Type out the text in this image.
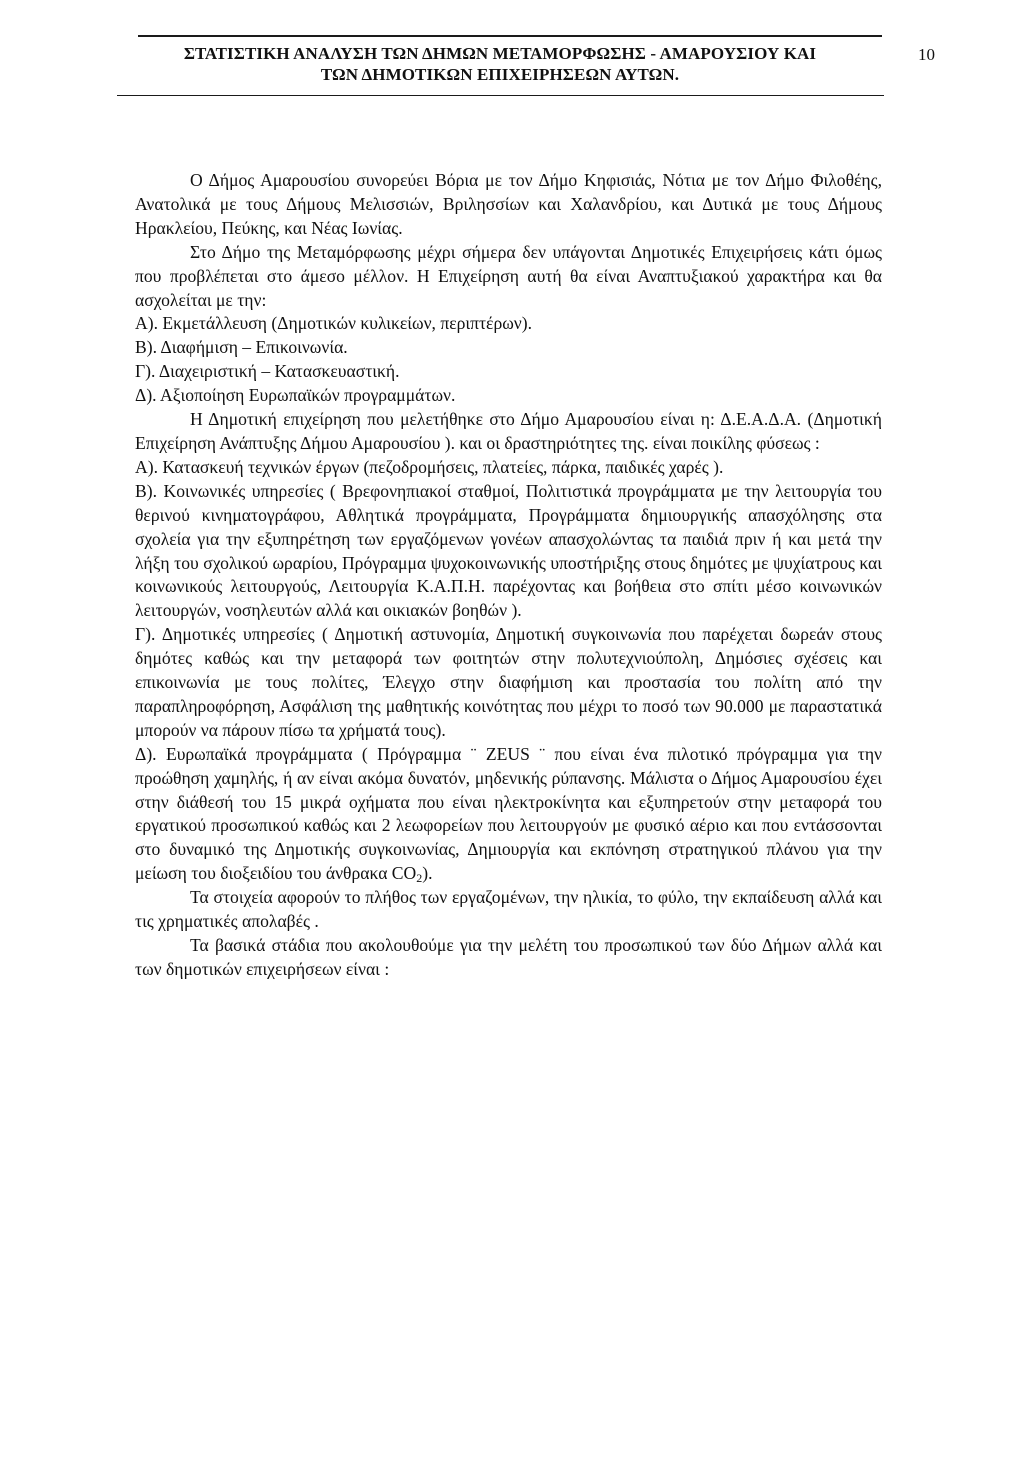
ΣΤΑΤΙΣΤΙΚΗ ΑΝΑΛΥΣΗ ΤΩΝ ΔΗΜΩΝ ΜΕΤΑΜΟΡΦΩΣΗΣ - ΑΜΑΡΟΥΣΙΟΥ ΚΑΙ
ΤΩΝ ΔΗΜΟΤΙΚΩΝ ΕΠΙΧΕΙΡΗΣΕΩΝ ΑΥΤΩΝ.
10

Ο Δήμος Αμαρουσίου συνορεύει Βόρια με τον Δήμο Κηφισιάς, Νότια με τον Δήμο Φιλοθέης, Ανατολικά με τους Δήμους Μελισσιών, Βριλησσίων και Χαλανδρίου, και Δυτικά με τους Δήμους Ηρακλείου, Πεύκης, και Νέας Ιωνίας.

Στο Δήμο της Μεταμόρφωσης μέχρι σήμερα δεν υπάγονται Δημοτικές Επιχειρήσεις κάτι όμως που προβλέπεται στο άμεσο μέλλον. Η Επιχείρηση αυτή θα είναι Αναπτυξιακού χαρακτήρα και θα ασχολείται με την:

Α). Εκμετάλλευση (Δημοτικών κυλικείων, περιπτέρων).

Β). Διαφήμιση – Επικοινωνία.

Γ). Διαχειριστική – Κατασκευαστική.

Δ). Αξιοποίηση Ευρωπαϊκών προγραμμάτων.

Η Δημοτική επιχείρηση που μελετήθηκε στο Δήμο Αμαρουσίου είναι η: Δ.Ε.Α.Δ.Α. (Δημοτική Επιχείρηση Ανάπτυξης Δήμου Αμαρουσίου ). και οι δραστηριότητες της. είναι ποικίλης φύσεως :

Α). Κατασκευή τεχνικών έργων (πεζοδρομήσεις, πλατείες, πάρκα, παιδικές χαρές ).

Β). Κοινωνικές υπηρεσίες ( Βρεφονηπιακοί σταθμοί, Πολιτιστικά προγράμματα με την λειτουργία του θερινού κινηματογράφου, Αθλητικά προγράμματα, Προγράμματα δημιουργικής απασχόλησης στα σχολεία για την εξυπηρέτηση των εργαζόμενων γονέων απασχολώντας τα παιδιά πριν ή και μετά την λήξη του σχολικού ωραρίου, Πρόγραμμα ψυχοκοινωνικής υποστήριξης στους δημότες με ψυχίατρους και κοινωνικούς λειτουργούς, Λειτουργία Κ.Α.Π.Η. παρέχοντας και βοήθεια στο σπίτι μέσο κοινωνικών λειτουργών, νοσηλευτών αλλά και οικιακών βοηθών ).

Γ). Δημοτικές υπηρεσίες ( Δημοτική αστυνομία, Δημοτική συγκοινωνία που παρέχεται δωρεάν στους δημότες καθώς και την μεταφορά των φοιτητών στην πολυτεχνιούπολη, Δημόσιες σχέσεις και επικοινωνία με τους πολίτες, Έλεγχο στην διαφήμιση και προστασία του πολίτη από την παραπληροφόρηση, Ασφάλιση της μαθητικής κοινότητας που μέχρι το ποσό των 90.000 με παραστατικά μπορούν να πάρουν πίσω τα χρήματά τους).

Δ). Ευρωπαϊκά προγράμματα ( Πρόγραμμα ¨ ZEUS ¨ που είναι ένα πιλοτικό πρόγραμμα για την προώθηση χαμηλής, ή αν είναι ακόμα δυνατόν, μηδενικής ρύπανσης. Μάλιστα ο Δήμος Αμαρουσίου έχει στην διάθεσή του 15 μικρά οχήματα που είναι ηλεκτροκίνητα και εξυπηρετούν στην μεταφορά του εργατικού προσωπικού καθώς και 2 λεωφορείων που λειτουργούν με φυσικό αέριο και που εντάσσονται στο δυναμικό της Δημοτικής συγκοινωνίας, Δημιουργία και εκπόνηση στρατηγικού πλάνου για την μείωση του διοξειδίου του άνθρακα $CO_2$).

Τα στοιχεία αφορούν το πλήθος των εργαζομένων, την ηλικία, το φύλο, την εκπαίδευση αλλά και τις χρηματικές απολαβές .

Τα βασικά στάδια που ακολουθούμε για την μελέτη του προσωπικού των δύο Δήμων αλλά και των δημοτικών επιχειρήσεων είναι :
